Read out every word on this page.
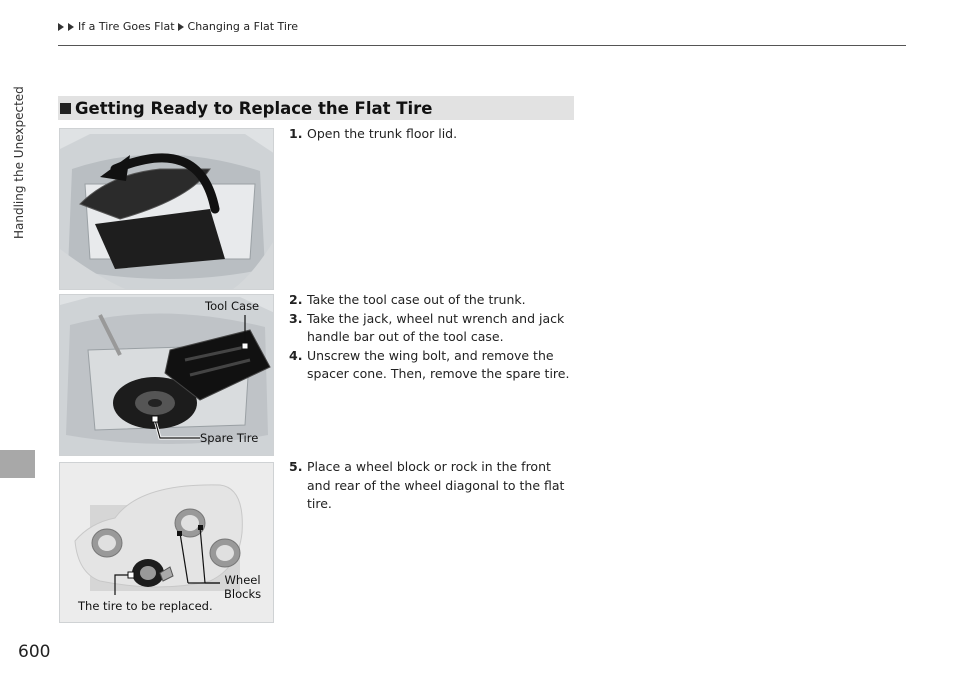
If a Tire Goes Flat Changing a Flat Tire
Handling the Unexpected
600
Getting Ready to Replace the Flat Tire
Tool Case
Spare Tire
Wheel
Blocks
The tire to be replaced.
1. Open the trunk floor lid.
2. Take the tool case out of the trunk.
3. Take the jack, wheel nut wrench and jack handle bar out of the tool case.
4. Unscrew the wing bolt, and remove the spacer cone. Then, remove the spare tire.
5. Place a wheel block or rock in the front and rear of the wheel diagonal to the flat tire.
